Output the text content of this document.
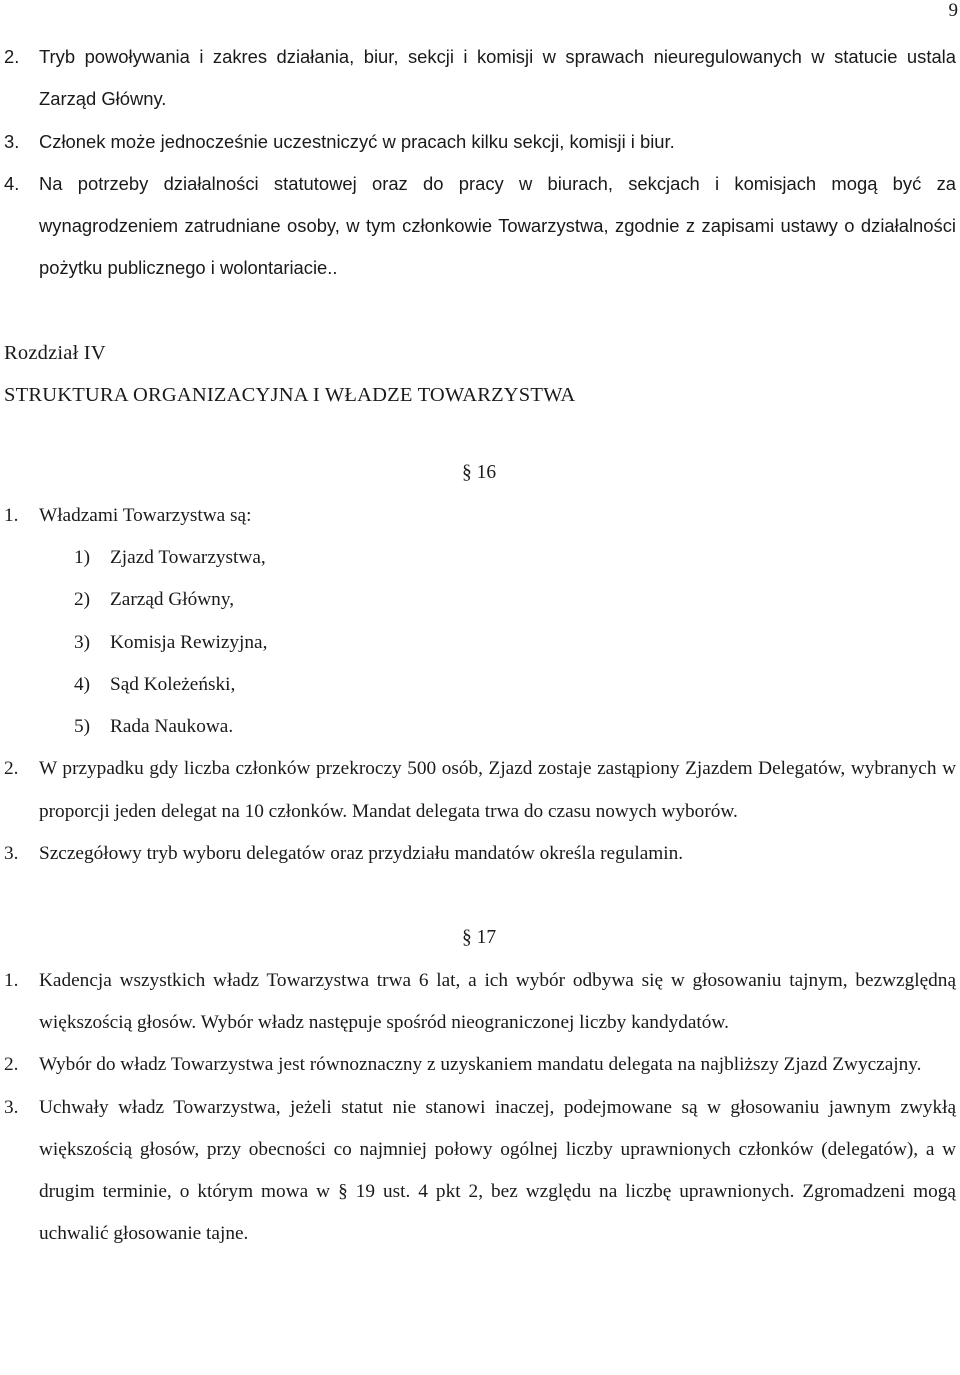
9
2.	Tryb powoływania i zakres działania, biur, sekcji i komisji w sprawach nieuregulowanych w statucie ustala Zarząd Główny.
3.	Członek może jednocześnie uczestniczyć w pracach kilku sekcji, komisji i biur.
4.	Na potrzeby działalności statutowej oraz do pracy w biurach, sekcjach i komisjach mogą być za wynagrodzeniem zatrudniane osoby, w tym członkowie Towarzystwa, zgodnie z zapisami ustawy o działalności pożytku publicznego i wolontariacie..
Rozdział IV
STRUKTURA ORGANIZACYJNA I WŁADZE TOWARZYSTWA
§ 16
1.	Władzami Towarzystwa są:
1)	Zjazd Towarzystwa,
2)	Zarząd Główny,
3)	Komisja Rewizyjna,
4)	Sąd Koleżeński,
5)	Rada Naukowa.
2.	W przypadku gdy liczba członków przekroczy 500 osób, Zjazd zostaje zastąpiony Zjazdem Delegatów, wybranych w proporcji jeden delegat na 10 członków. Mandat delegata trwa do czasu nowych wyborów.
3.	Szczegółowy tryb wyboru delegatów oraz przydziału mandatów określa regulamin.
§ 17
1.	Kadencja wszystkich władz Towarzystwa trwa 6 lat, a ich wybór odbywa się w głosowaniu tajnym, bezwzględną większością głosów. Wybór władz następuje spośród nieograniczonej liczby kandydatów.
2.	Wybór do władz Towarzystwa jest równoznaczny z uzyskaniem mandatu delegata na najbliższy Zjazd Zwyczajny.
3.	Uchwały władz Towarzystwa, jeżeli statut nie stanowi inaczej, podejmowane są w głosowaniu jawnym zwykłą większością głosów, przy obecności co najmniej połowy ogólnej liczby uprawnionych członków (delegatów), a w drugim terminie, o którym mowa w § 19 ust. 4 pkt 2, bez względu na liczbę uprawnionych. Zgromadzeni mogą uchwalić głosowanie tajne.
